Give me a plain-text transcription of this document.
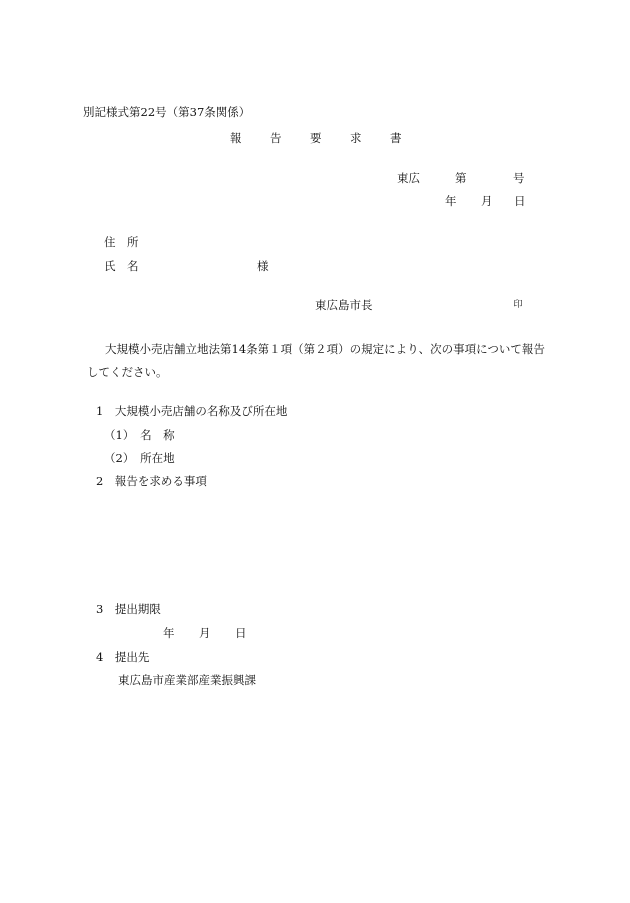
別記様式第22号（第37条関係）
報 告 要 求 書
東広	第	号
年 月 日
住　所
氏　名	様
東広島市長	印
大規模小売店舗立地法第14条第１項（第２項）の規定により、次の事項について報告
してください。
1　大規模小売店舗の名称及び所在地
（1）　名　称
（2）　所在地
2　報告を求める事項
3　提出期限
年 月 日
4　提出先
東広島市産業部産業振興課
